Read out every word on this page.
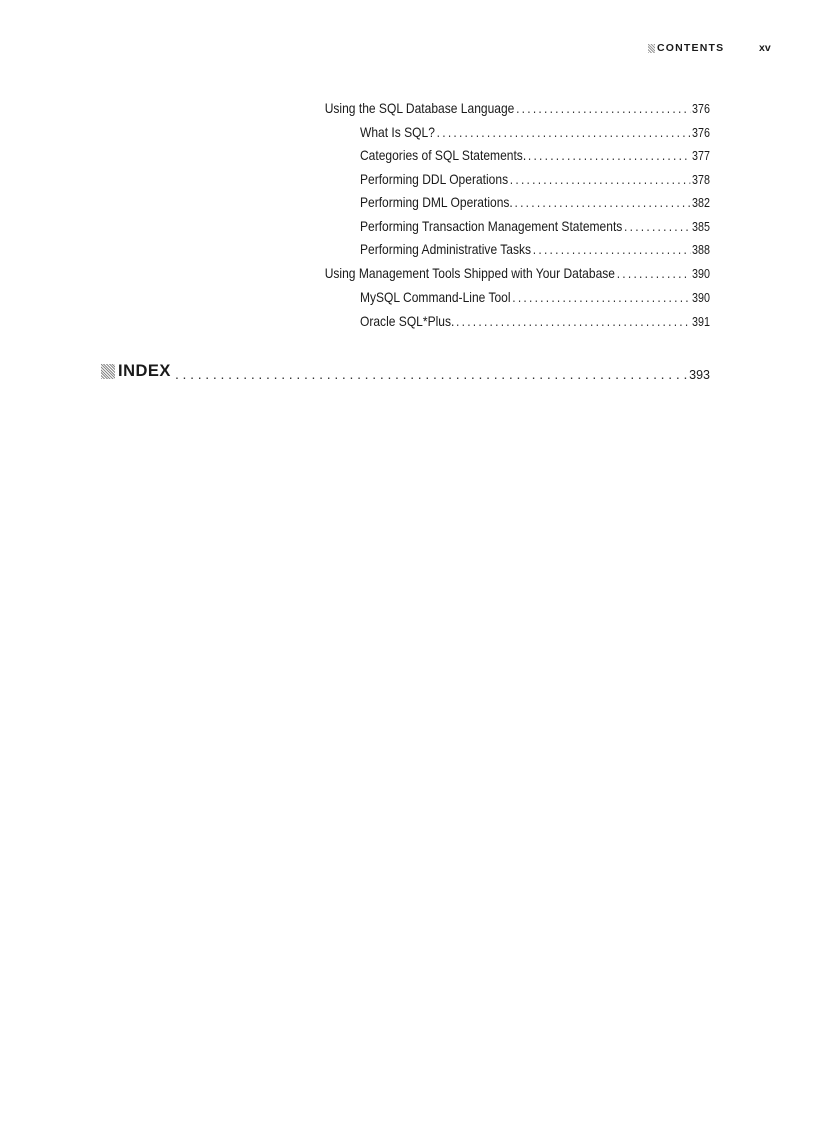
CONTENTS	xv
Using the SQL Database Language .....	376
What Is SQL? .....	376
Categories of SQL Statements. .....	377
Performing DDL Operations .....	378
Performing DML Operations. .....	382
Performing Transaction Management Statements .....	385
Performing Administrative Tasks .....	388
Using Management Tools Shipped with Your Database .....	390
MySQL Command-Line Tool .....	390
Oracle SQL*Plus. .....	391
INDEX .....	393
